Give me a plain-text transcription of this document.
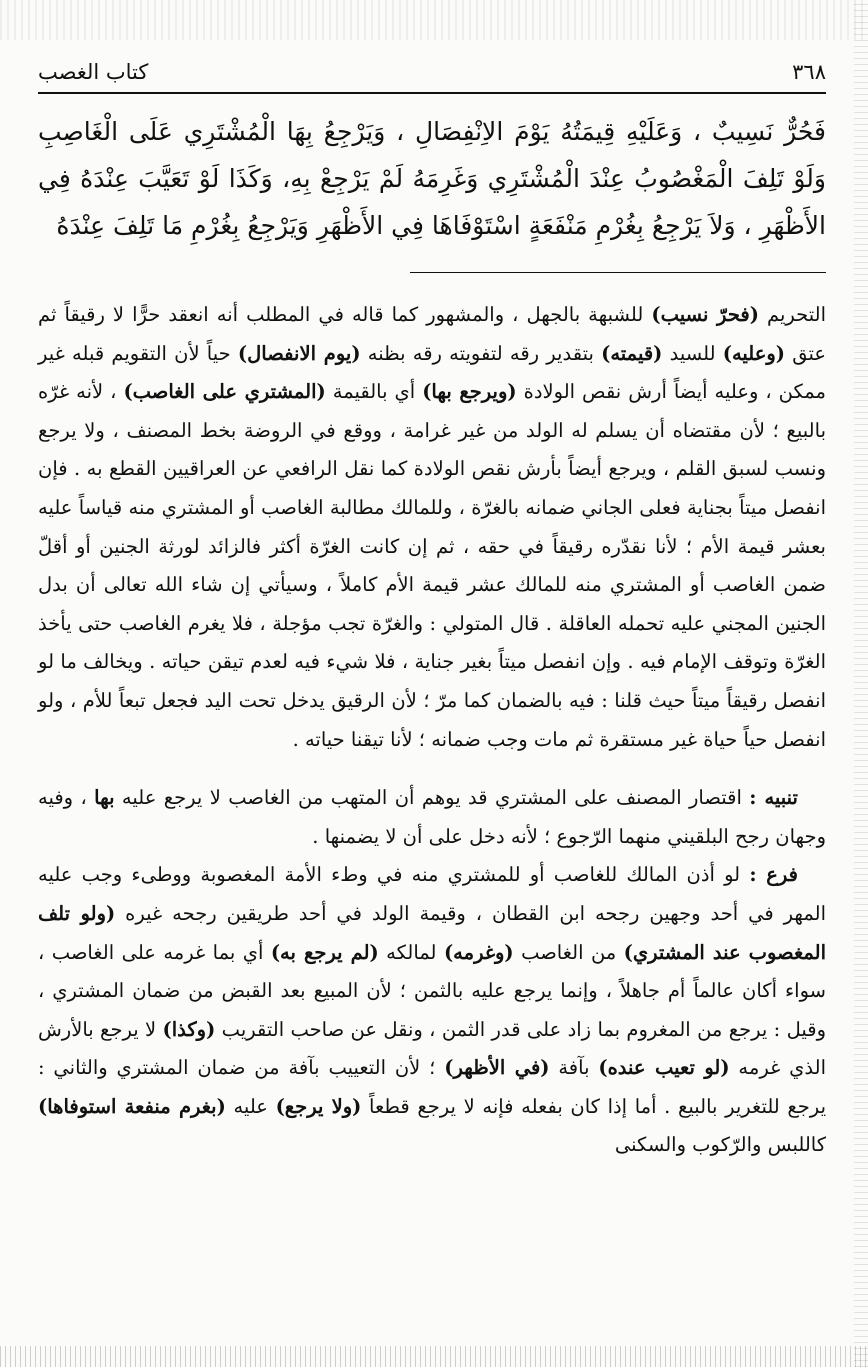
٣٦٨
كتاب الغصب

فَحُرٌّ نَسِيبٌ ، وَعَلَيْهِ قِيمَتُهُ يَوْمَ الاِنْفِصَالِ ، وَيَرْجِعُ بِهَا الْمُشْتَرِي عَلَى الْغَاصِبِ وَلَوْ تَلِفَ الْمَغْصُوبُ عِنْدَ الْمُشْتَرِي وَغَرِمَهُ لَمْ يَرْجِعْ بِهِ، وَكَذَا لَوْ تَعَيَّبَ عِنْدَهُ فِي الأَظْهَرِ ، وَلاَ يَرْجِعُ بِغُرْمِ مَنْفَعَةٍ اسْتَوْفَاهَا فِي الأَظْهَرِ وَيَرْجِعُ بِغُرْمِ مَا تَلِفَ عِنْدَهُ

التحريم (فحرّ نسيب) للشبهة بالجهل ، والمشهور كما قاله في المطلب أنه انعقد حرًّا لا رقيقاً ثم عتق (وعليه) للسيد (قيمته) بتقدير رقه لتفويته رقه بظنه (يوم الانفصال) حياً لأن التقويم قبله غير ممكن ، وعليه أيضاً أرش نقص الولادة (ويرجع بها) أي بالقيمة (المشتري على الغاصب) ، لأنه غرّه بالبيع ؛ لأن مقتضاه أن يسلم له الولد من غير غرامة ، ووقع في الروضة بخط المصنف ، ولا يرجع ونسب لسبق القلم ، ويرجع أيضاً بأرش نقص الولادة كما نقل الرافعي عن العراقيين القطع به . فإن انفصل ميتاً بجناية فعلى الجاني ضمانه بالغرّة ، وللمالك مطالبة الغاصب أو المشتري منه قياساً عليه بعشر قيمة الأم ؛ لأنا نقدّره رقيقاً في حقه ، ثم إن كانت الغرّة أكثر فالزائد لورثة الجنين أو أقلّ ضمن الغاصب أو المشتري منه للمالك عشر قيمة الأم كاملاً ، وسيأتي إن شاء الله تعالى أن بدل الجنين المجني عليه تحمله العاقلة . قال المتولي : والغرّة تجب مؤجلة ، فلا يغرم الغاصب حتى يأخذ الغرّة وتوقف الإمام فيه . وإن انفصل ميتاً بغير جناية ، فلا شيء فيه لعدم تيقن حياته . ويخالف ما لو انفصل رقيقاً ميتاً حيث قلنا : فيه بالضمان كما مرّ ؛ لأن الرقيق يدخل تحت اليد فجعل تبعاً للأم ، ولو انفصل حياً حياة غير مستقرة ثم مات وجب ضمانه ؛ لأنا تيقنا حياته .

تنبيه : اقتصار المصنف على المشتري قد يوهم أن المتهب من الغاصب لا يرجع عليه بها ، وفيه وجهان رجح البلقيني منهما الرّجوع ؛ لأنه دخل على أن لا يضمنها .

فرع : لو أذن المالك للغاصب أو للمشتري منه في وطء الأمة المغصوبة ووطىء وجب عليه المهر في أحد وجهين رجحه ابن القطان ، وقيمة الولد في أحد طريقين رجحه غيره (ولو تلف المغصوب عند المشتري) من الغاصب (وغرمه) لمالكه (لم يرجع به) أي بما غرمه على الغاصب ، سواء أكان عالماً أم جاهلاً ، وإنما يرجع عليه بالثمن ؛ لأن المبيع بعد القبض من ضمان المشتري ، وقيل : يرجع من المغروم بما زاد على قدر الثمن ، ونقل عن صاحب التقريب (وكذا) لا يرجع بالأرش الذي غرمه (لو تعيب عنده) بآفة (في الأظهر) ؛ لأن التعييب بآفة من ضمان المشتري والثاني : يرجع للتغرير بالبيع . أما إذا كان بفعله فإنه لا يرجع قطعاً (ولا يرجع) عليه (بغرم منفعة استوفاها) كاللبس والرّكوب والسكنى
